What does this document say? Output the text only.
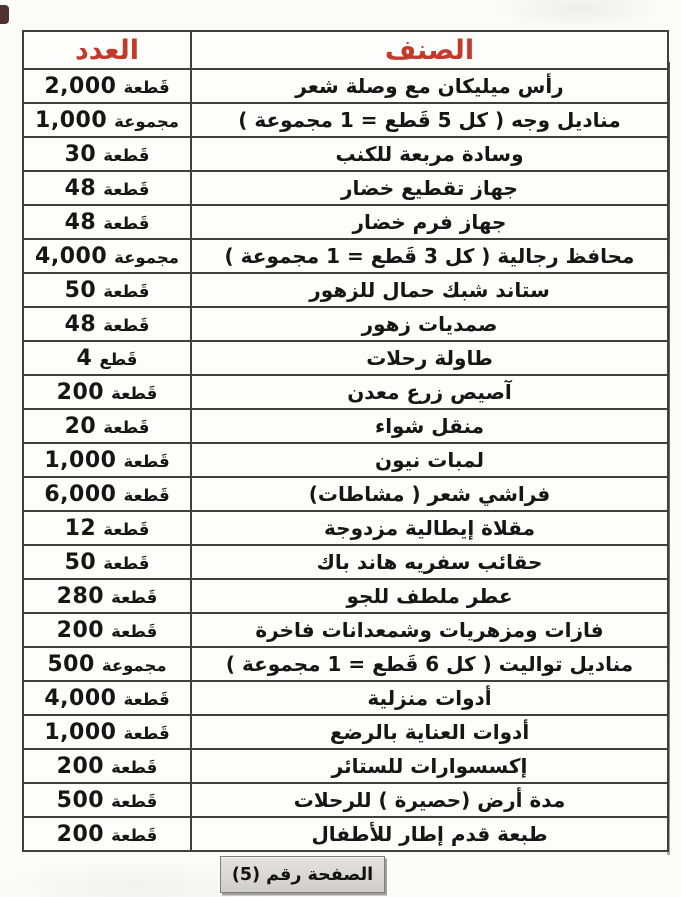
الصنف	العدد
رأس ميليكان مع وصلة شعر	2,000 قَطعة

مناديل وجه ( كل 5 قَطع = 1 مجموعة )	1,000 مجموعة

وسادة مربعة للكنب	30 قَطعة

جهاز تقطيع خضار	48 قَطعة

جهاز فرم خضار	48 قَطعة

محافظ رجالية ( كل 3 قَطع = 1 مجموعة )	4,000 مجموعة

ستاند شبك حمال للزهور	50 قَطعة

صمديات زهور	48 قَطعة

طاولة رحلات	4 قَطع

آصيص زرع معدن	200 قَطعة

منقل شواء	20 قَطعة

لمبات نيون	1,000 قَطعة

فراشي شعر ( مشاطات)	6,000 قَطعة

مقلاة إيطالية مزدوجة	12 قَطعة

حقائب سفريه هاند باك	50 قَطعة

عطر ملطف للجو	280 قَطعة

فازات ومزهريات وشمعدانات فاخرة	200 قَطعة

مناديل تواليت ( كل 6 قَطع = 1 مجموعة )	500 مجموعة

أدوات منزلية	4,000 قَطعة

أدوات العناية بالرضع	1,000 قَطعة

إكسسوارات للستائر	200 قَطعة

مدة أرض (حصيرة ) للرحلات	500 قَطعة

طبعة قدم إطار للأطفال	200 قَطعة
الصفحة رقم (5)
